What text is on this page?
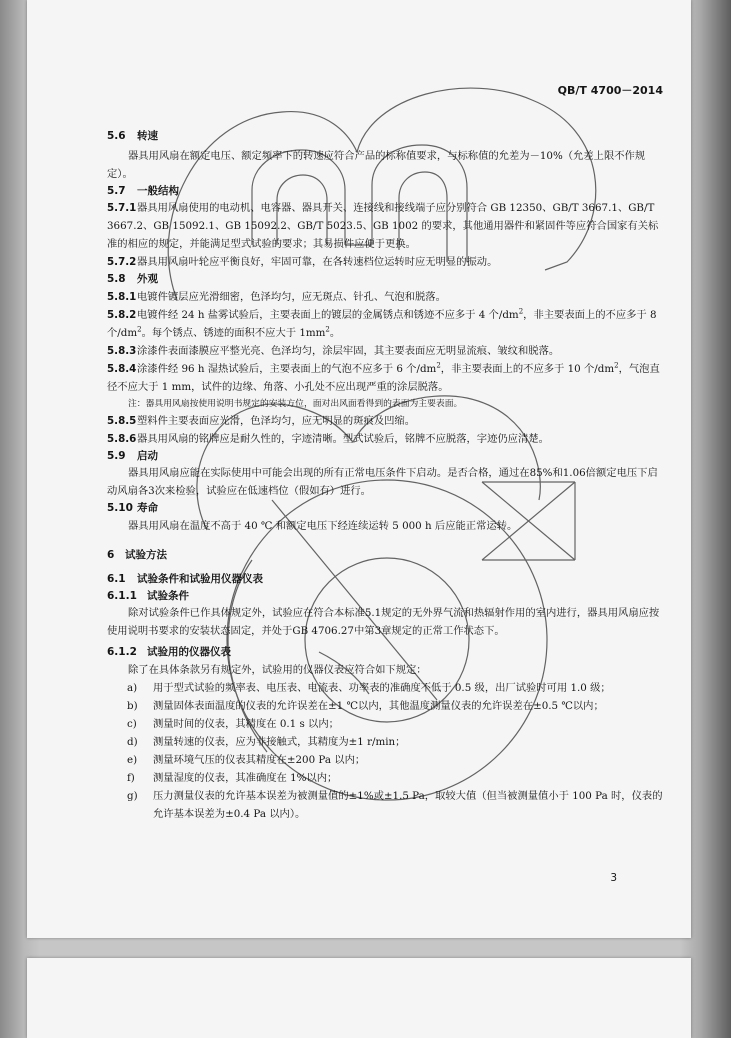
QB/T 4700－2014

5.6 转速

器具用风扇在额定电压、额定频率下的转速应符合产品的标称值要求，与标称值的允差为－10%（允差上限不作规定）。

5.7 一般结构

5.7.1器具用风扇使用的电动机、电容器、器具开关、连接线和接线端子应分别符合 GB 12350、GB/T 3667.1、GB/T 3667.2、GB 15092.1、GB 15092.2、GB/T 5023.5、GB 1002 的要求，其他通用器件和紧固件等应符合国家有关标准的相应的规定，并能满足型式试验的要求；其易损件应便于更换。

5.7.2器具用风扇叶轮应平衡良好，牢固可靠，在各转速档位运转时应无明显的振动。

5.8 外观

5.8.1电镀件镀层应光滑细密，色泽均匀，应无斑点、针孔、气泡和脱落。

5.8.2电镀件经 24 h 盐雾试验后，主要表面上的镀层的金属锈点和锈迹不应多于 4 个$/dm^2$，非主要表面上的不应多于 8 个$/dm^2$。每个锈点、锈迹的面积不应大于 $1mm^2$。

5.8.3涂漆件表面漆膜应平整光亮、色泽均匀，涂层牢固，其主要表面应无明显流痕、皱纹和脱落。

5.8.4涂漆件经 96 h 湿热试验后，主要表面上的气泡不应多于 6 个$/dm^2$，非主要表面上的不应多于 10 个$/dm^2$，气泡直径不应大于 1 mm，试件的边缘、角落、小孔处不应出现严重的涂层脱落。

注：器具用风扇按使用说明书规定的安装方位，面对出风面看得到的表面为主要表面。

5.8.5塑料件主要表面应光滑，色泽均匀，应无明显的斑痕及凹缩。

5.8.6器具用风扇的铭牌应是耐久性的，字迹清晰。型式试验后，铭牌不应脱落，字迹仍应清楚。

5.9 启动

器具用风扇应能在实际使用中可能会出现的所有正常电压条件下启动。是否合格，通过在85%和1.06倍额定电压下启动风扇各3次来检验，试验应在低速档位（假如有）进行。

5.10 寿命

器具用风扇在温度不高于 40 ℃ 和额定电压下经连续运转 5 000 h 后应能正常运转。

6 试验方法

6.1 试验条件和试验用仪器仪表

6.1.1 试验条件

除对试验条件已作具体规定外，试验应在符合本标准5.1规定的无外界气流和热辐射作用的室内进行，器具用风扇应按使用说明书要求的安装状态固定，并处于GB 4706.27中第3章规定的正常工作状态下。

6.1.2 试验用的仪器仪表

除了在具体条款另有规定外，试验用的仪器仪表应符合如下规定：

a) 用于型式试验的频率表、电压表、电流表、功率表的准确度不低于 0.5 级，出厂试验时可用 1.0 级；

b) 测量固体表面温度的仪表的允许误差在±1 ℃以内，其他温度测量仪表的允许误差在±0.5 ℃以内；

c) 测量时间的仪表，其精度在 0.1 s 以内；

d) 测量转速的仪表，应为非接触式，其精度为±1 r/min；

e) 测量环境气压的仪表其精度在±200 Pa 以内；

f) 测量湿度的仪表，其准确度在 1%以内；

g) 压力测量仪表的允许基本误差为被测量值的±1%或±1.5 Pa，取较大值（但当被测量值小于 100 Pa 时，仪表的允许基本误差为±0.4 Pa 以内）。

3
